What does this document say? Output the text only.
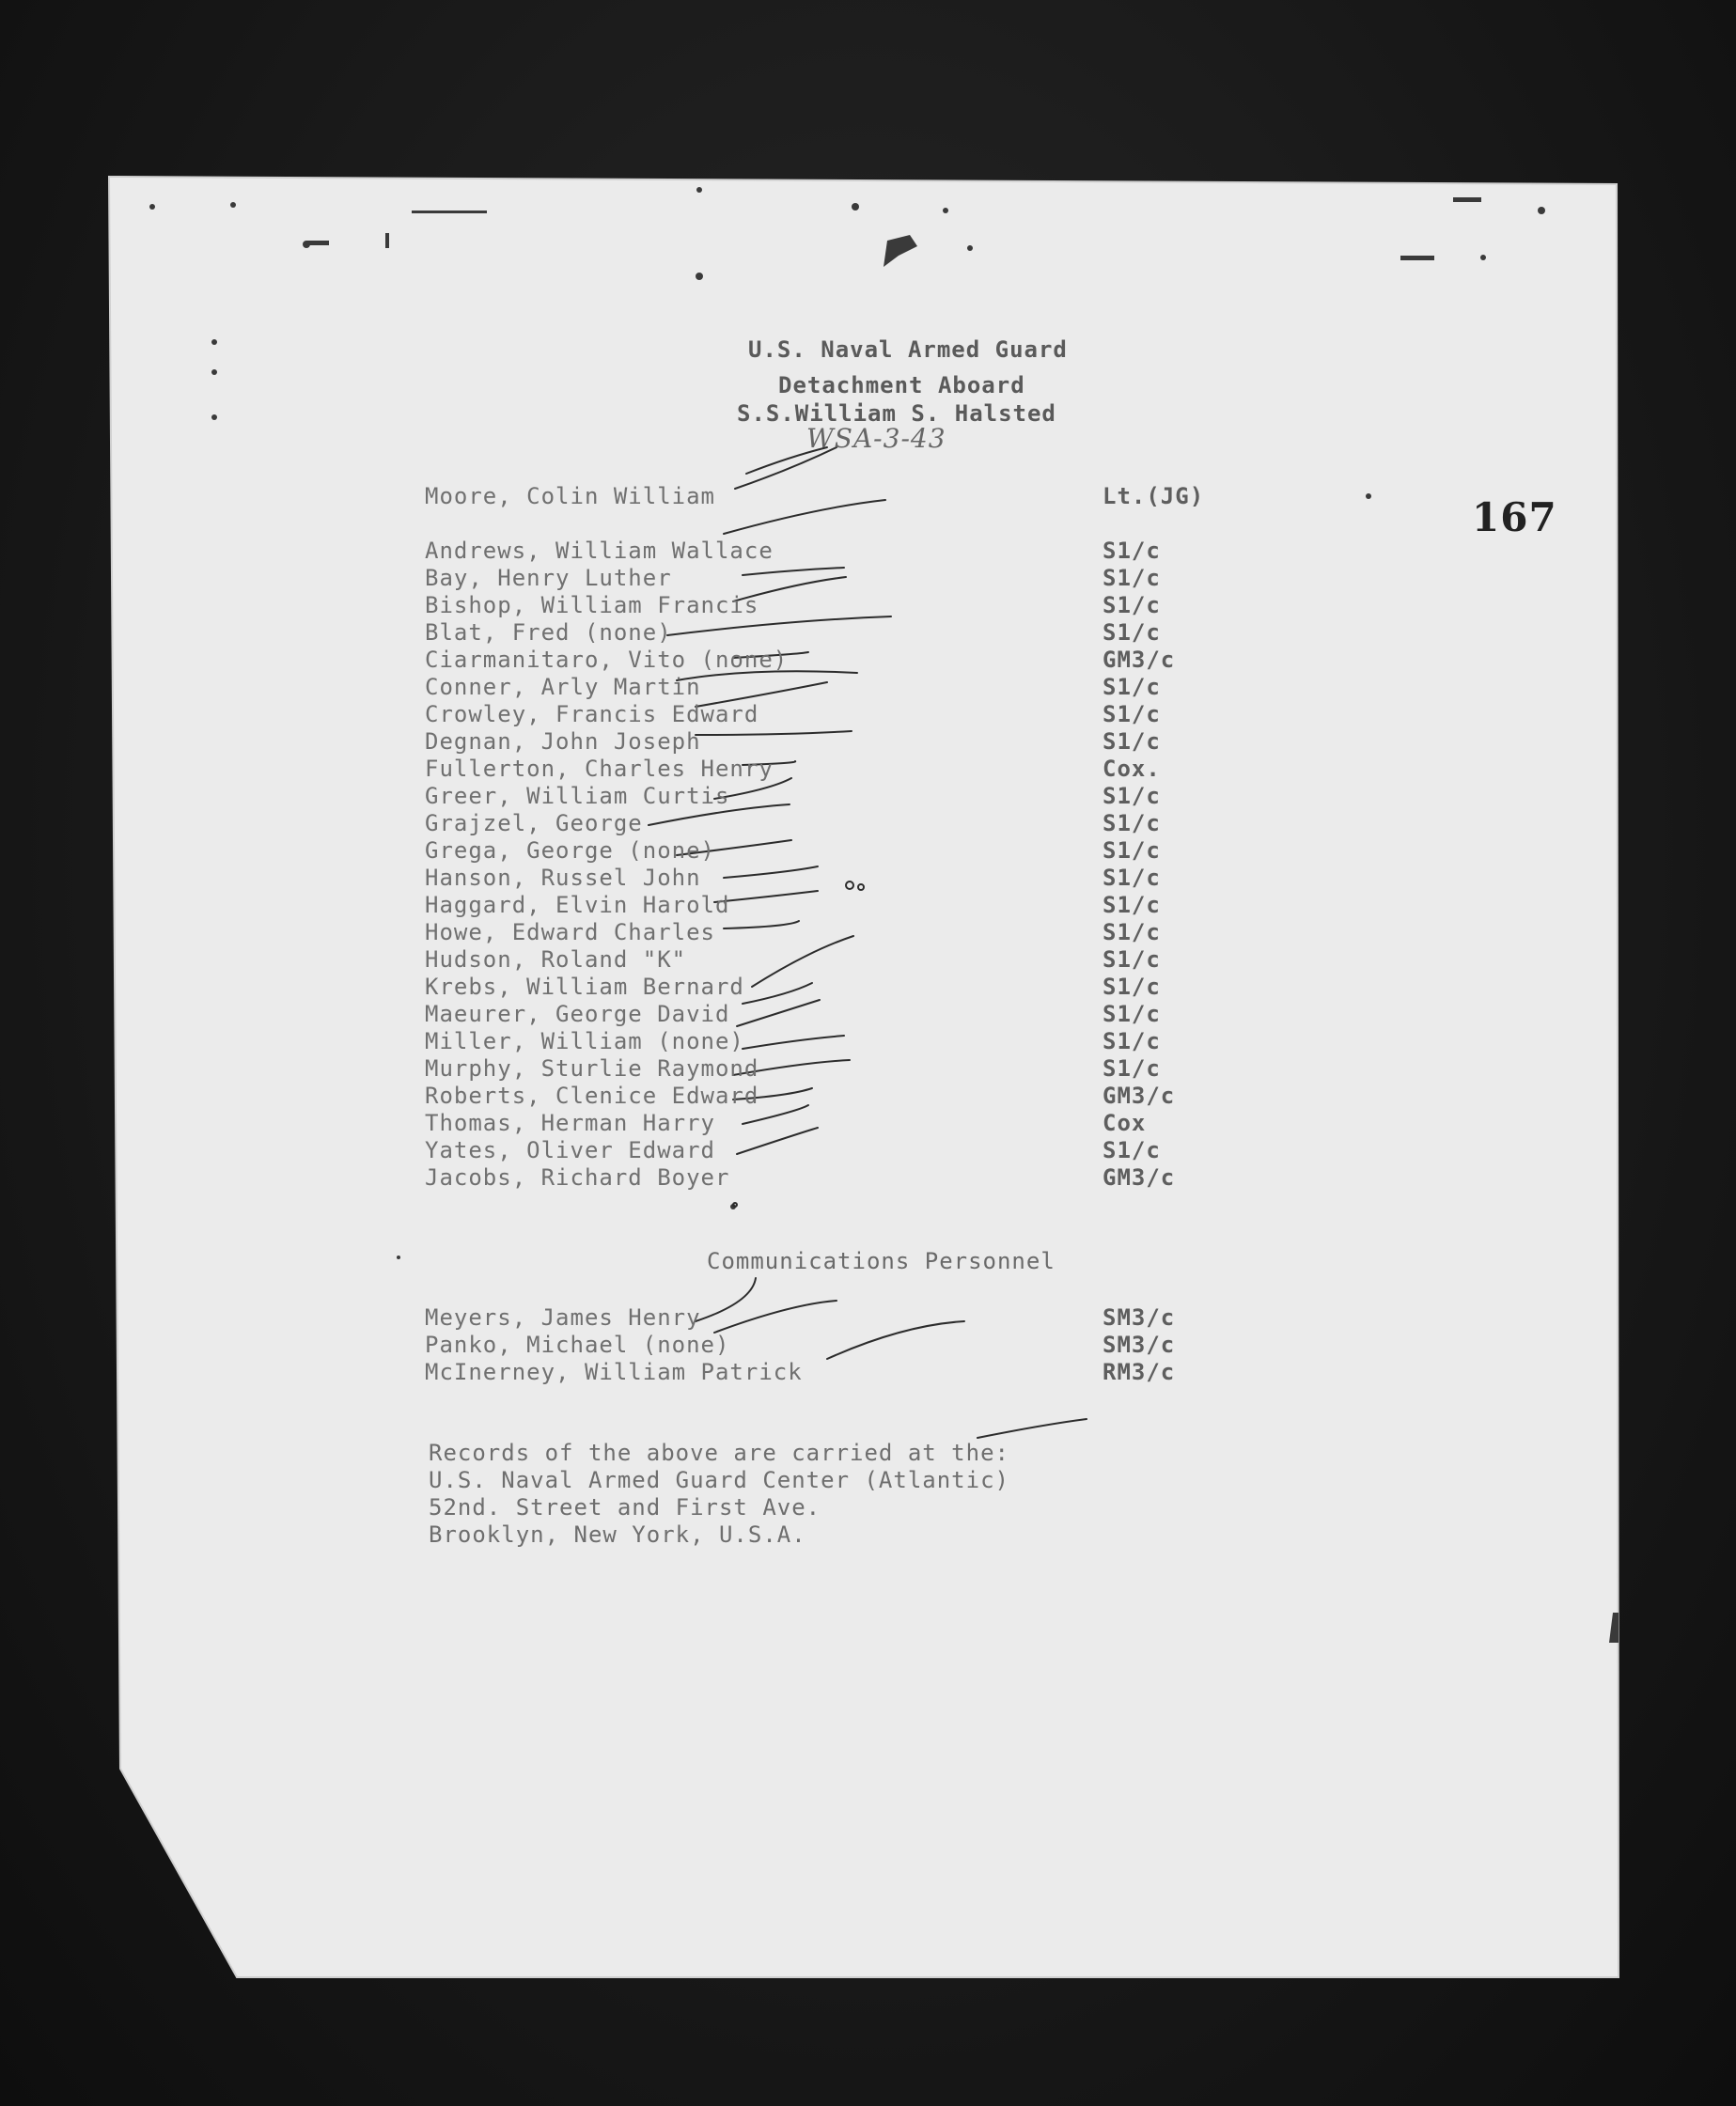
U.S. Naval Armed Guard
Detachment Aboard
S.S.William S. Halsted
WSA-3-43
167
Moore, Colin William	Lt.(JG)
Andrews, William Wallace	S1/c
Bay, Henry Luther	S1/c
Bishop, William Francis	S1/c
Blat, Fred (none)	S1/c
Ciarmanitaro, Vito (none)	GM3/c
Conner, Arly Martin	S1/c
Crowley, Francis Edward	S1/c
Degnan, John Joseph	S1/c
Fullerton, Charles Henry	Cox.
Greer, William Curtis	S1/c
Grajzel, George	S1/c
Grega, George (none)	S1/c
Hanson, Russel John	S1/c
Haggard, Elvin Harold	S1/c
Howe, Edward Charles	S1/c
Hudson, Roland "K"	S1/c
Krebs, William Bernard	S1/c
Maeurer, George David	S1/c
Miller, William (none)	S1/c
Murphy, Sturlie Raymond	S1/c
Roberts, Clenice Edward	GM3/c
Thomas, Herman Harry	Cox
Yates, Oliver Edward	S1/c
Jacobs, Richard Boyer	GM3/c
Communications Personnel
Meyers, James Henry	SM3/c
Panko, Michael (none)	SM3/c
McInerney, William Patrick	RM3/c
Records of the above are carried at the:
U.S. Naval Armed Guard Center (Atlantic)
52nd. Street and First Ave.
Brooklyn, New York, U.S.A.
